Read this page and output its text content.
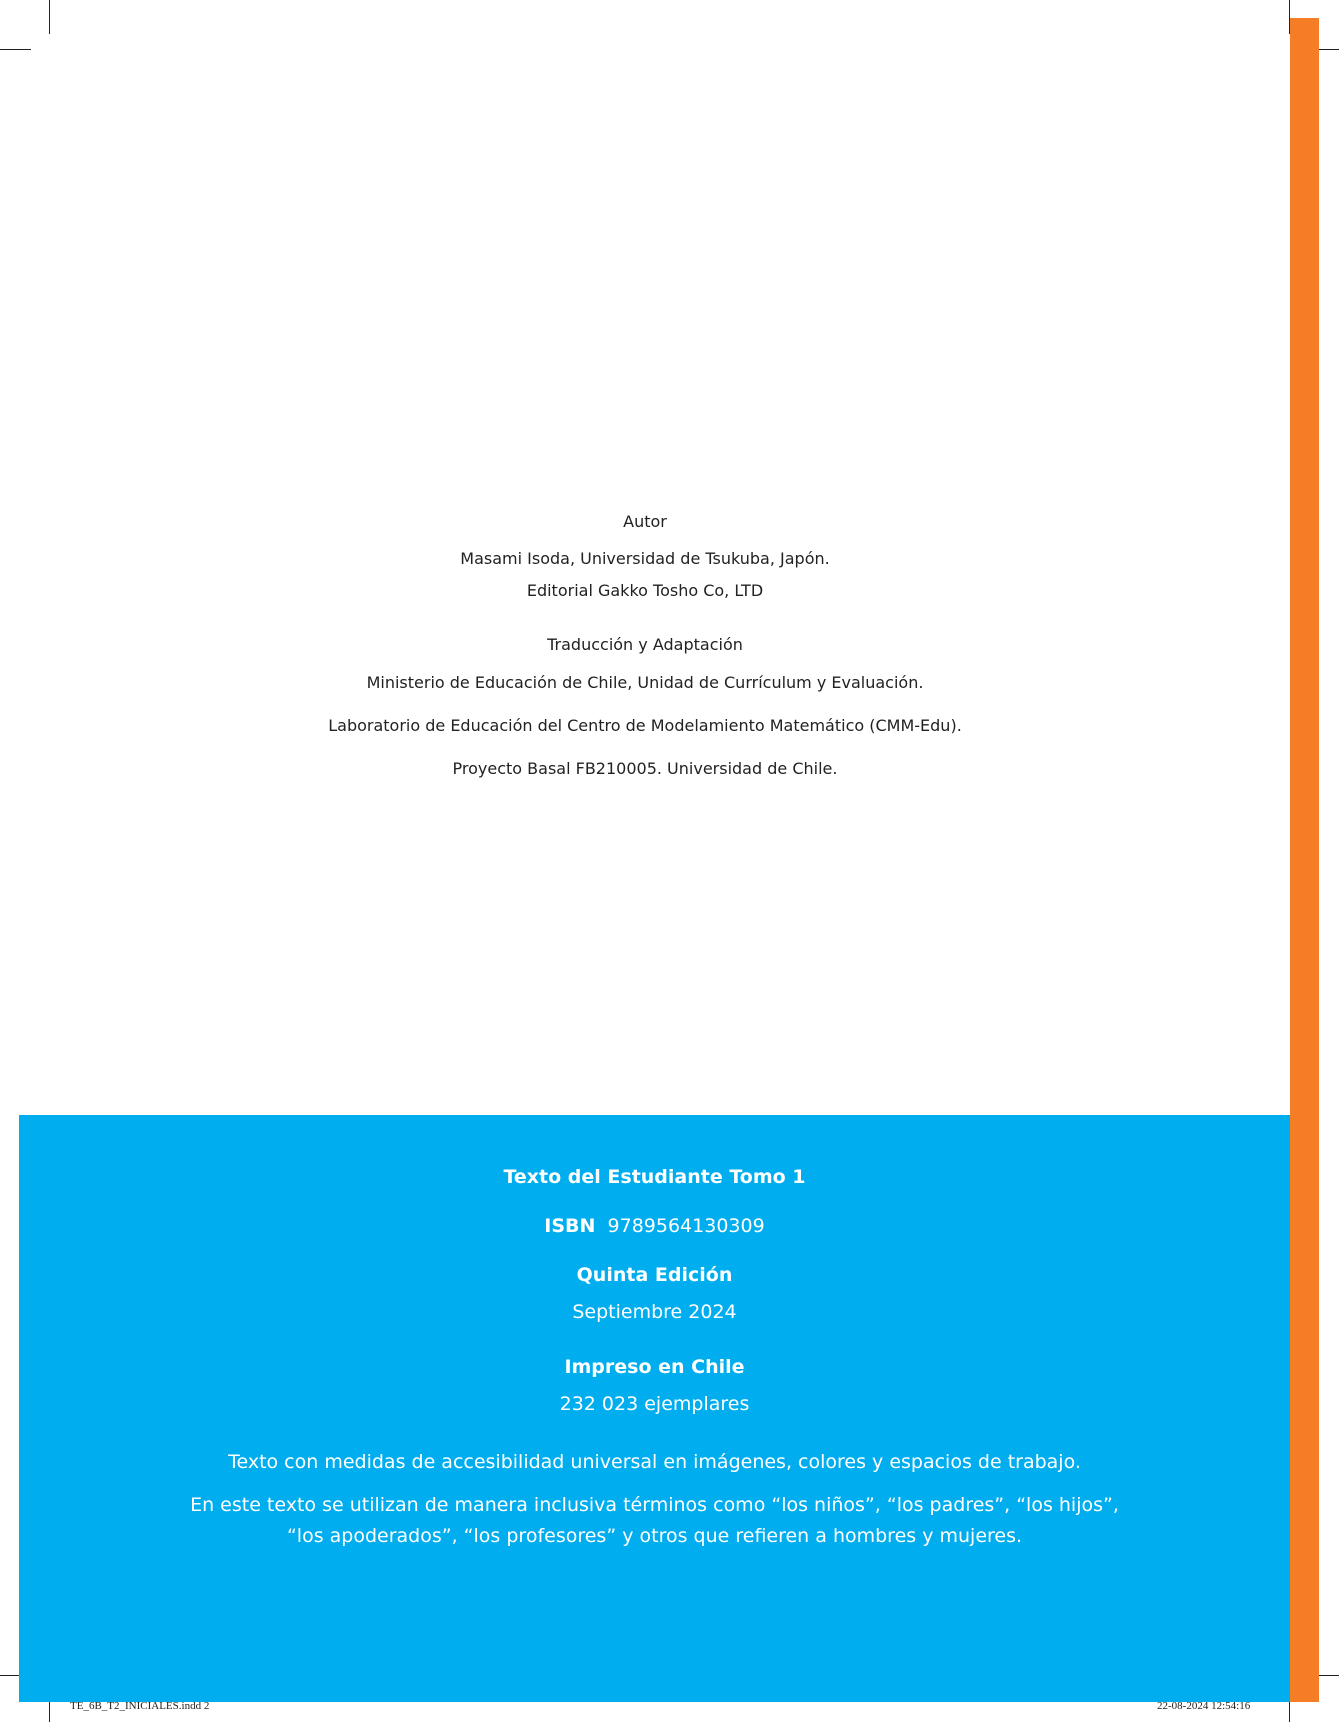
Autor
Masami Isoda, Universidad de Tsukuba, Japón.
Editorial Gakko Tosho Co, LTD
Traducción y Adaptación
Ministerio de Educación de Chile, Unidad de Currículum y Evaluación.
Laboratorio de Educación del Centro de Modelamiento Matemático (CMM-Edu).
Proyecto Basal FB210005. Universidad de Chile.
Texto del Estudiante Tomo 1
ISBN 9789564130309
Quinta Edición
Septiembre 2024
Impreso en Chile
232 023 ejemplares
Texto con medidas de accesibilidad universal en imágenes, colores y espacios de trabajo.
En este texto se utilizan de manera inclusiva términos como “los niños”, “los padres”, “los hijos”,
“los apoderados”, “los profesores” y otros que refieren a hombres y mujeres.
TE_6B_T2_INICIALES.indd 2	22-08-2024 12:54:16
